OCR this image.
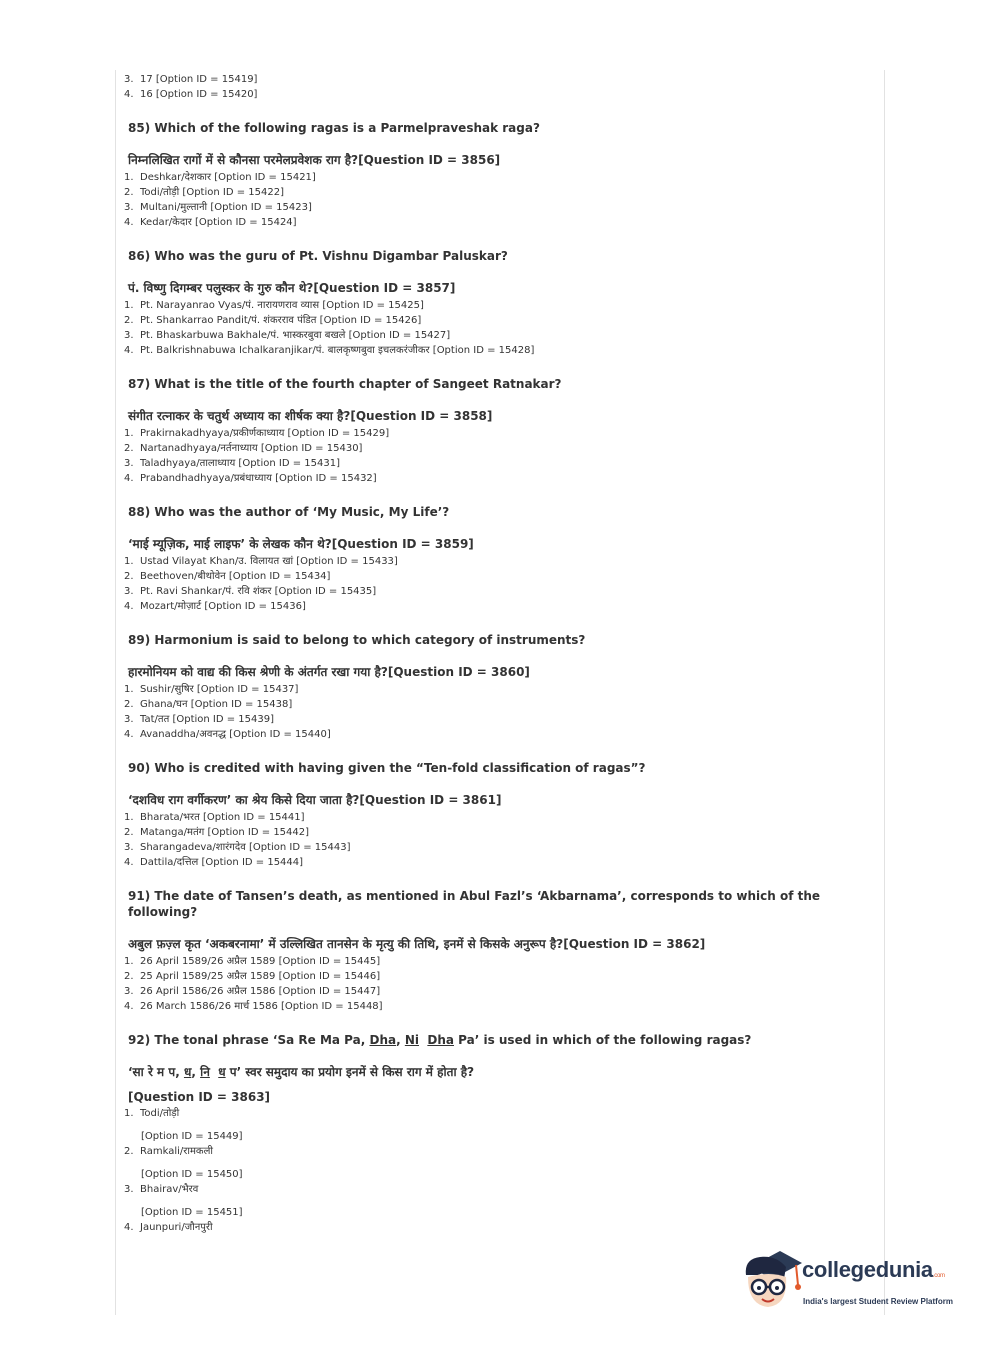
3. 17 [Option ID = 15419]
4. 16 [Option ID = 15420]
85) Which of the following ragas is a Parmelpraveshak raga?
निम्नलिखित रागों में से कौनसा परमेलप्रवेशक राग है?[Question ID = 3856]
1. Deshkar/देशकार [Option ID = 15421]
2. Todi/तोड़ी [Option ID = 15422]
3. Multani/मुल्तानी [Option ID = 15423]
4. Kedar/केदार [Option ID = 15424]
86) Who was the guru of Pt. Vishnu Digambar Paluskar?
पं. विष्णु दिगम्बर पलुस्कर के गुरु कौन थे?[Question ID = 3857]
1. Pt. Narayanrao Vyas/पं. नारायणराव व्यास [Option ID = 15425]
2. Pt. Shankarrao Pandit/पं. शंकरराव पंडित [Option ID = 15426]
3. Pt. Bhaskarbuwa Bakhale/पं. भास्करबुवा बखले [Option ID = 15427]
4. Pt. Balkrishnabuwa Ichalkaranjikar/पं. बालकृष्णबुवा इचलकरंजीकर [Option ID = 15428]
87) What is the title of the fourth chapter of Sangeet Ratnakar?
संगीत रत्नाकर के चतुर्थ अध्याय का शीर्षक क्या है?[Question ID = 3858]
1. Prakirnakadhyaya/प्रकीर्णकाध्याय [Option ID = 15429]
2. Nartanadhyaya/नर्तनाध्याय [Option ID = 15430]
3. Taladhyaya/तालाध्याय [Option ID = 15431]
4. Prabandhadhyaya/प्रबंधाध्याय [Option ID = 15432]
88) Who was the author of ‘My Music, My Life’?
‘माई म्यूज़िक, माई लाइफ’ के लेखक कौन थे?[Question ID = 3859]
1. Ustad Vilayat Khan/उ. विलायत खां [Option ID = 15433]
2. Beethoven/बीथोवेन [Option ID = 15434]
3. Pt. Ravi Shankar/पं. रवि शंकर [Option ID = 15435]
4. Mozart/मोज़ार्ट [Option ID = 15436]
89) Harmonium is said to belong to which category of instruments?
हारमोनियम को वाद्य की किस श्रेणी के अंतर्गत रखा गया है?[Question ID = 3860]
1. Sushir/सुषिर [Option ID = 15437]
2. Ghana/घन [Option ID = 15438]
3. Tat/तत [Option ID = 15439]
4. Avanaddha/अवनद्ध [Option ID = 15440]
90) Who is credited with having given the “Ten-fold classification of ragas”?
‘दशविध राग वर्गीकरण’ का श्रेय किसे दिया जाता है?[Question ID = 3861]
1. Bharata/भरत [Option ID = 15441]
2. Matanga/मतंग [Option ID = 15442]
3. Sharangadeva/शारंगदेव [Option ID = 15443]
4. Dattila/दत्तिल [Option ID = 15444]
91) The date of Tansen’s death, as mentioned in Abul Fazl’s ‘Akbarnama’, corresponds to which of the following?
अबुल फ़ज़्ल कृत ‘अकबरनामा’ में उल्लिखित तानसेन के मृत्यु की तिथि, इनमें से किसके अनुरूप है?[Question ID = 3862]
1. 26 April 1589/26 अप्रैल 1589 [Option ID = 15445]
2. 25 April 1589/25 अप्रैल 1589 [Option ID = 15446]
3. 26 April 1586/26 अप्रैल 1586 [Option ID = 15447]
4. 26 March 1586/26 मार्च 1586 [Option ID = 15448]
92) The tonal phrase ‘Sa Re Ma Pa, Dha, Ni Dha Pa’ is used in which of the following ragas?
‘सा रे म प, ध, नि ध प’ स्वर समुदाय का प्रयोग इनमें से किस राग में होता है?
[Question ID = 3863]
1. Todi/तोड़ी
[Option ID = 15449]
2. Ramkali/रामकली
[Option ID = 15450]
3. Bhairav/भैरव
[Option ID = 15451]
4. Jaunpuri/जौनपुरी
collegedunia.com
India's largest Student Review Platform
